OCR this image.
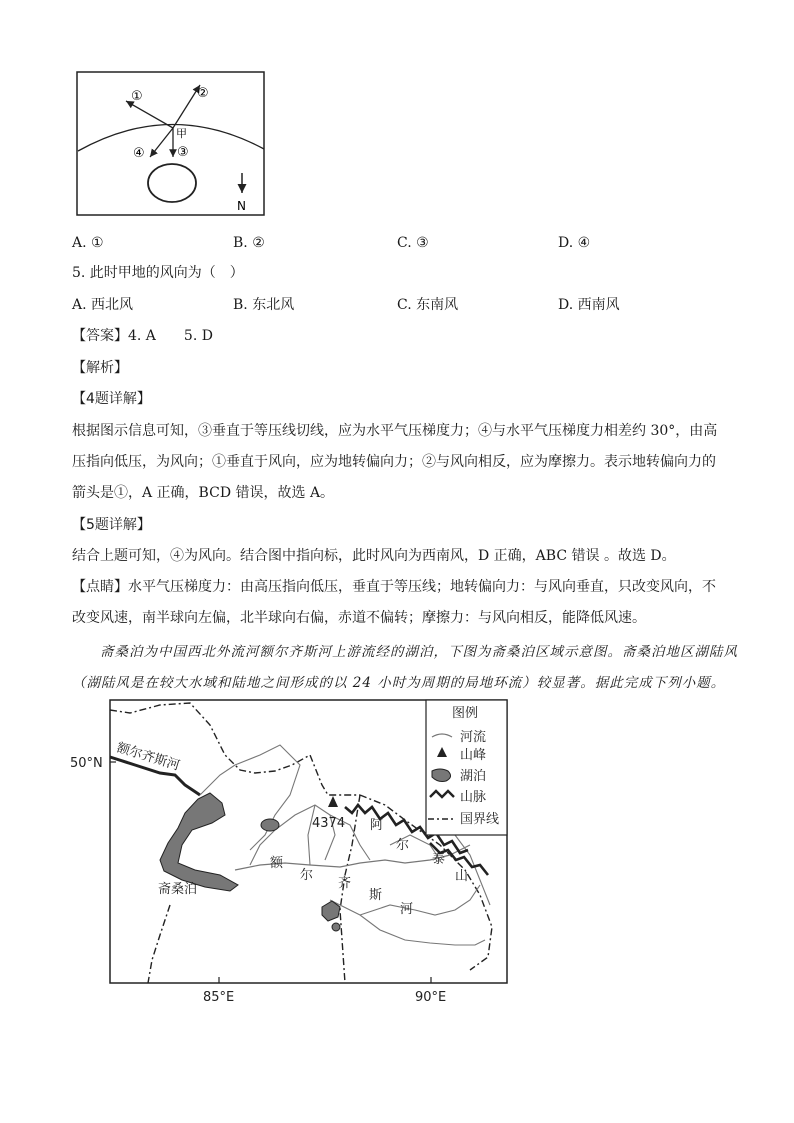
①	②
③
④
甲
N
A. ①	B. ②	C. ③	D. ④
5. 此时甲地的风向为（　）
A. 西北风	B. 东北风	C. 东南风	D. 西南风
【答案】4. A　　5. D
【解析】
【4题详解】
根据图示信息可知，③垂直于等压线切线，应为水平气压梯度力；④与水平气压梯度力相差约 30°，由高
压指向低压，为风向；①垂直于风向，应为地转偏向力；②与风向相反，应为摩擦力。表示地转偏向力的
箭头是①，A 正确，BCD 错误，故选 A。
【5题详解】
结合上题可知，④为风向。结合图中指向标，此时风向为西南风，D 正确，ABC 错误 。故选 D。
【点睛】水平气压梯度力：由高压指向低压，垂直于等压线；地转偏向力：与风向垂直，只改变风向，不
改变风速，南半球向左偏，北半球向右偏，赤道不偏转；摩擦力：与风向相反，能降低风速。
斋桑泊为中国西北外流河额尔齐斯河上游流经的湖泊，下图为斋桑泊区域示意图。斋桑泊地区湖陆风
（湖陆风是在较大水域和陆地之间形成的以 24 小时为周期的局地环流）较显著。据此完成下列小题。
4374
额尔齐斯河
斋桑泊
阿
尔
泰
山
额
尔
齐
斯
河
50°N
85°E	90°E
图例
河流
山峰
湖泊
山脉
国界线
